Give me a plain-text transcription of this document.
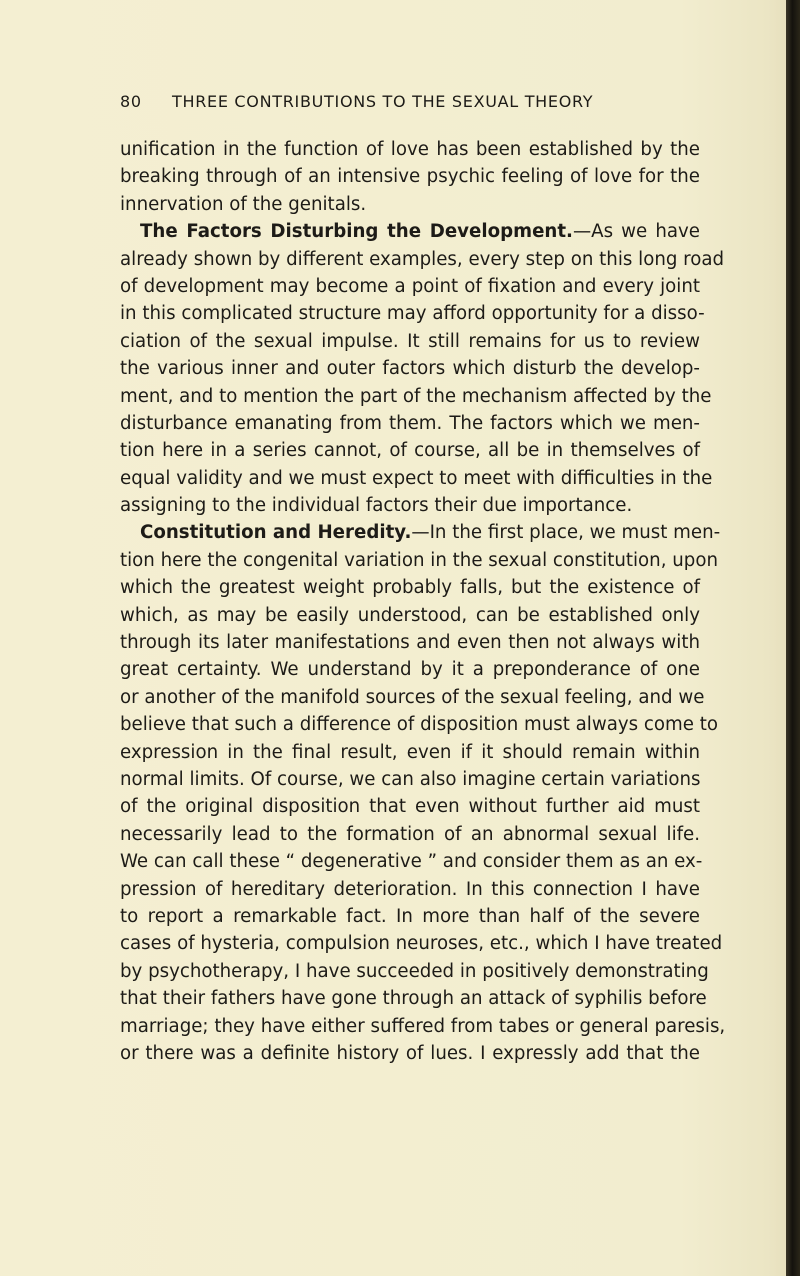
80 THREE CONTRIBUTIONS TO THE SEXUAL THEORY
unification in the function of love has been established by the
breaking through of an intensive psychic feeling of love for the
innervation of the genitals.
The Factors Disturbing the Development.—As we have
already shown by different examples, every step on this long road
of development may become a point of fixation and every joint
in this complicated structure may afford opportunity for a disso-
ciation of the sexual impulse. It still remains for us to review
the various inner and outer factors which disturb the develop-
ment, and to mention the part of the mechanism affected by the
disturbance emanating from them. The factors which we men-
tion here in a series cannot, of course, all be in themselves of
equal validity and we must expect to meet with difficulties in the
assigning to the individual factors their due importance.
Constitution and Heredity.—In the first place, we must men-
tion here the congenital variation in the sexual constitution, upon
which the greatest weight probably falls, but the existence of
which, as may be easily understood, can be established only
through its later manifestations and even then not always with
great certainty. We understand by it a preponderance of one
or another of the manifold sources of the sexual feeling, and we
believe that such a difference of disposition must always come to
expression in the final result, even if it should remain within
normal limits. Of course, we can also imagine certain variations
of the original disposition that even without further aid must
necessarily lead to the formation of an abnormal sexual life.
We can call these “ degenerative ” and consider them as an ex-
pression of hereditary deterioration. In this connection I have
to report a remarkable fact. In more than half of the severe
cases of hysteria, compulsion neuroses, etc., which I have treated
by psychotherapy, I have succeeded in positively demonstrating
that their fathers have gone through an attack of syphilis before
marriage; they have either suffered from tabes or general paresis,
or there was a definite history of lues. I expressly add that the
